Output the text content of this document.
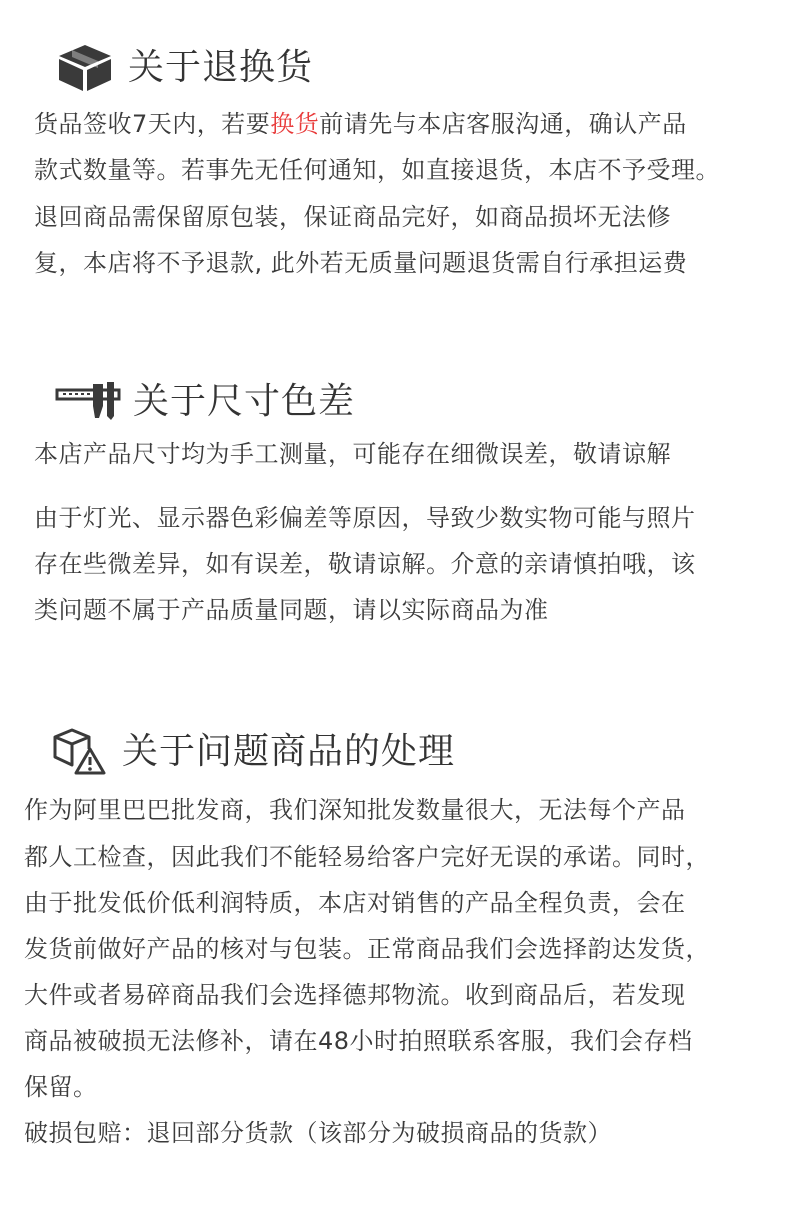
关于退换货
货品签收7天内，若要换货前请先与本店客服沟通，确认产品
款式数量等。若事先无任何通知，如直接退货，本店不予受理。
退回商品需保留原包装，保证商品完好，如商品损坏无法修
复，本店将不予退款, 此外若无质量问题退货需自行承担运费
关于尺寸色差
本店产品尺寸均为手工测量，可能存在细微误差，敬请谅解
由于灯光、显示器色彩偏差等原因，导致少数实物可能与照片
存在些微差异，如有误差，敬请谅解。介意的亲请慎拍哦，该
类问题不属于产品质量同题，请以实际商品为准
关于问题商品的处理
作为阿里巴巴批发商，我们深知批发数量很大，无法每个产品
都人工检查，因此我们不能轻易给客户完好无误的承诺。同时，
由于批发低价低利润特质，本店对销售的产品全程负责，会在
发货前做好产品的核对与包装。正常商品我们会选择韵达发货，
大件或者易碎商品我们会选择德邦物流。收到商品后，若发现
商品被破损无法修补，请在48小时拍照联系客服，我们会存档
保留。
破损包赔：退回部分货款（该部分为破损商品的货款）
